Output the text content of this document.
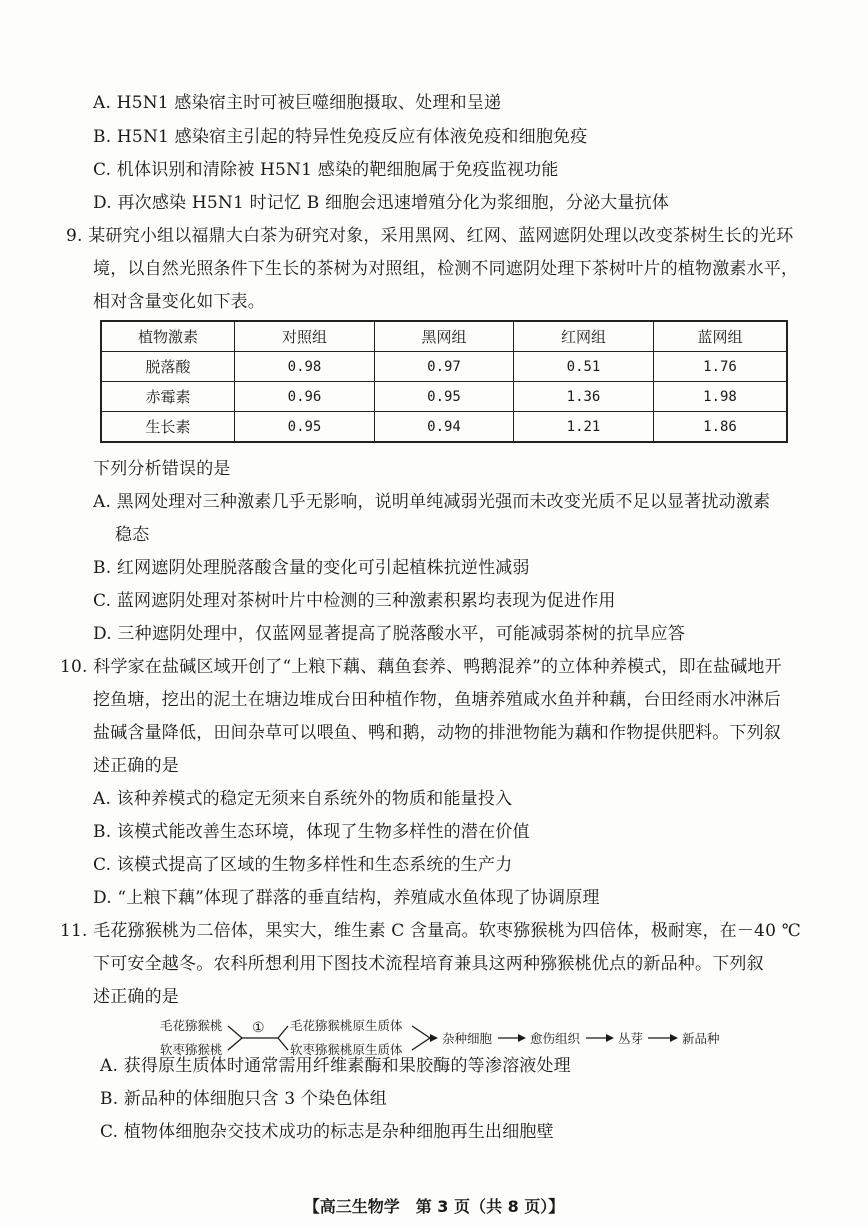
A. H5N1 感染宿主时可被巨噬细胞摄取、处理和呈递
B. H5N1 感染宿主引起的特异性免疫反应有体液免疫和细胞免疫
C. 机体识别和清除被 H5N1 感染的靶细胞属于免疫监视功能
D. 再次感染 H5N1 时记忆 B 细胞会迅速增殖分化为浆细胞，分泌大量抗体
9. 某研究小组以福鼎大白茶为研究对象，采用黑网、红网、蓝网遮阴处理以改变茶树生长的光环
境，以自然光照条件下生长的茶树为对照组，检测不同遮阴处理下茶树叶片的植物激素水平，
相对含量变化如下表。
植物激素	对照组	黑网组	红网组	蓝网组
脱落酸	0.98	0.97	0.51	1.76
赤霉素	0.96	0.95	1.36	1.98
生长素	0.95	0.94	1.21	1.86
下列分析错误的是
A. 黑网处理对三种激素几乎无影响，说明单纯减弱光强而未改变光质不足以显著扰动激素
稳态
B. 红网遮阴处理脱落酸含量的变化可引起植株抗逆性减弱
C. 蓝网遮阴处理对茶树叶片中检测的三种激素积累均表现为促进作用
D. 三种遮阴处理中，仅蓝网显著提高了脱落酸水平，可能减弱茶树的抗旱应答
10. 科学家在盐碱区域开创了“上粮下藕、藕鱼套养、鸭鹅混养”的立体种养模式，即在盐碱地开
挖鱼塘，挖出的泥土在塘边堆成台田种植作物，鱼塘养殖咸水鱼并种藕，台田经雨水冲淋后
盐碱含量降低，田间杂草可以喂鱼、鸭和鹅，动物的排泄物能为藕和作物提供肥料。下列叙
述正确的是
A. 该种养模式的稳定无须来自系统外的物质和能量投入
B. 该模式能改善生态环境，体现了生物多样性的潜在价值
C. 该模式提高了区域的生物多样性和生态系统的生产力
D. “上粮下藕”体现了群落的垂直结构，养殖咸水鱼体现了协调原理
11. 毛花猕猴桃为二倍体，果实大，维生素 C 含量高。软枣猕猴桃为四倍体，极耐寒，在－40 ℃
下可安全越冬。农科所想利用下图技术流程培育兼具这两种猕猴桃优点的新品种。下列叙
述正确的是
毛花猕猴桃
软枣猕猴桃
① 毛花猕猴桃原生质体
软枣猕猴桃原生质体
杂种细胞	愈伤组织	丛芽	新品种
A. 获得原生质体时通常需用纤维素酶和果胶酶的等渗溶液处理
B. 新品种的体细胞只含 3 个染色体组
C. 植物体细胞杂交技术成功的标志是杂种细胞再生出细胞壁
【高三生物学　第 3 页（共 8 页）】
